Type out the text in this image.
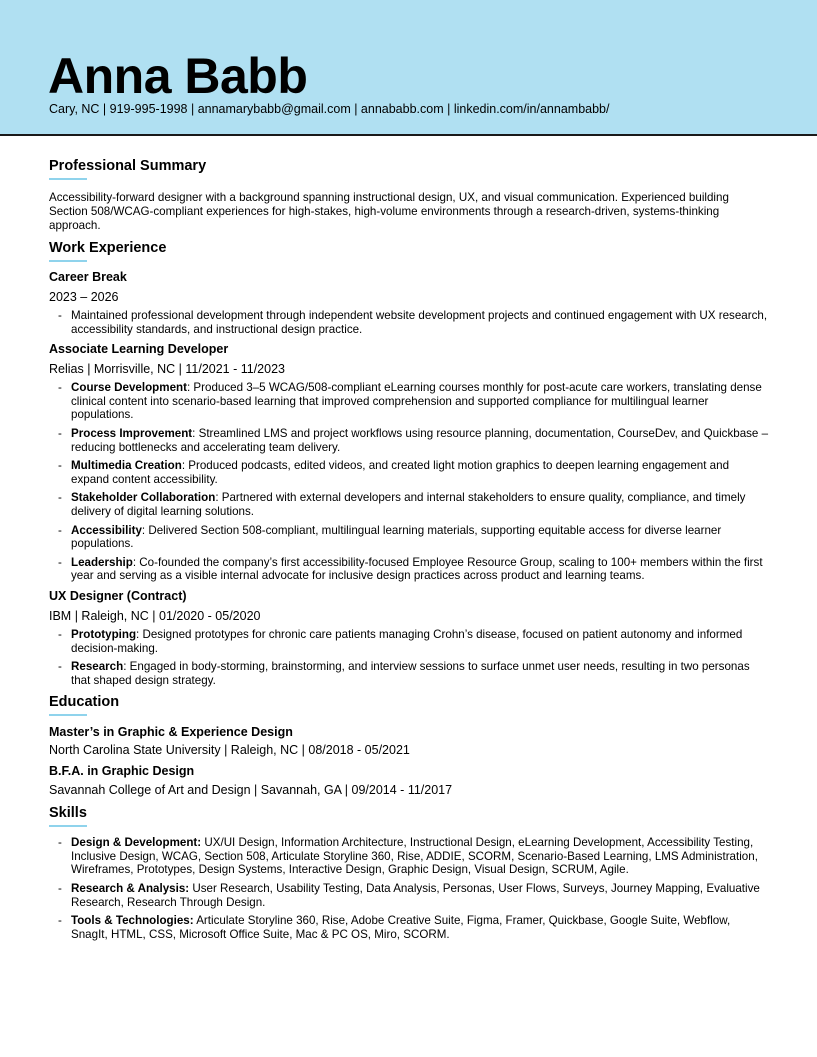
Anna Babb
Cary, NC | 919-995-1998 | annamarybabb@gmail.com | annababb.com | linkedin.com/in/annambabb/
Professional Summary
Accessibility-forward designer with a background spanning instructional design, UX, and visual communication. Experienced building Section 508/WCAG-compliant experiences for high-stakes, high-volume environments through a research-driven, systems-thinking approach.
Work Experience
Career Break
2023 – 2026
- Maintained professional development through independent website development projects and continued engagement with UX research, accessibility standards, and instructional design practice.
Associate Learning Developer
Relias | Morrisville, NC | 11/2021 - 11/2023
- Course Development: Produced 3–5 WCAG/508-compliant eLearning courses monthly for post-acute care workers, translating dense clinical content into scenario-based learning that improved comprehension and supported compliance for multilingual learner populations.
- Process Improvement: Streamlined LMS and project workflows using resource planning, documentation, CourseDev, and Quickbase – reducing bottlenecks and accelerating team delivery.
- Multimedia Creation: Produced podcasts, edited videos, and created light motion graphics to deepen learning engagement and expand content accessibility.
- Stakeholder Collaboration: Partnered with external developers and internal stakeholders to ensure quality, compliance, and timely delivery of digital learning solutions.
- Accessibility: Delivered Section 508-compliant, multilingual learning materials, supporting equitable access for diverse learner populations.
- Leadership: Co-founded the company’s first accessibility-focused Employee Resource Group, scaling to 100+ members within the first year and serving as a visible internal advocate for inclusive design practices across product and learning teams.
UX Designer (Contract)
IBM | Raleigh, NC | 01/2020 - 05/2020
- Prototyping: Designed prototypes for chronic care patients managing Crohn’s disease, focused on patient autonomy and informed decision-making.
- Research: Engaged in body-storming, brainstorming, and interview sessions to surface unmet user needs, resulting in two personas that shaped design strategy.
Education
Master’s in Graphic & Experience Design
North Carolina State University | Raleigh, NC | 08/2018 - 05/2021
B.F.A. in Graphic Design
Savannah College of Art and Design | Savannah, GA | 09/2014 - 11/2017
Skills
- Design & Development: UX/UI Design, Information Architecture, Instructional Design, eLearning Development, Accessibility Testing, Inclusive Design, WCAG, Section 508, Articulate Storyline 360, Rise, ADDIE, SCORM, Scenario-Based Learning, LMS Administration, Wireframes, Prototypes, Design Systems, Interactive Design, Graphic Design, Visual Design, SCRUM, Agile.
- Research & Analysis: User Research, Usability Testing, Data Analysis, Personas, User Flows, Surveys, Journey Mapping, Evaluative Research, Research Through Design.
- Tools & Technologies: Articulate Storyline 360, Rise, Adobe Creative Suite, Figma, Framer, Quickbase, Google Suite, Webflow, SnagIt, HTML, CSS, Microsoft Office Suite, Mac & PC OS, Miro, SCORM.
